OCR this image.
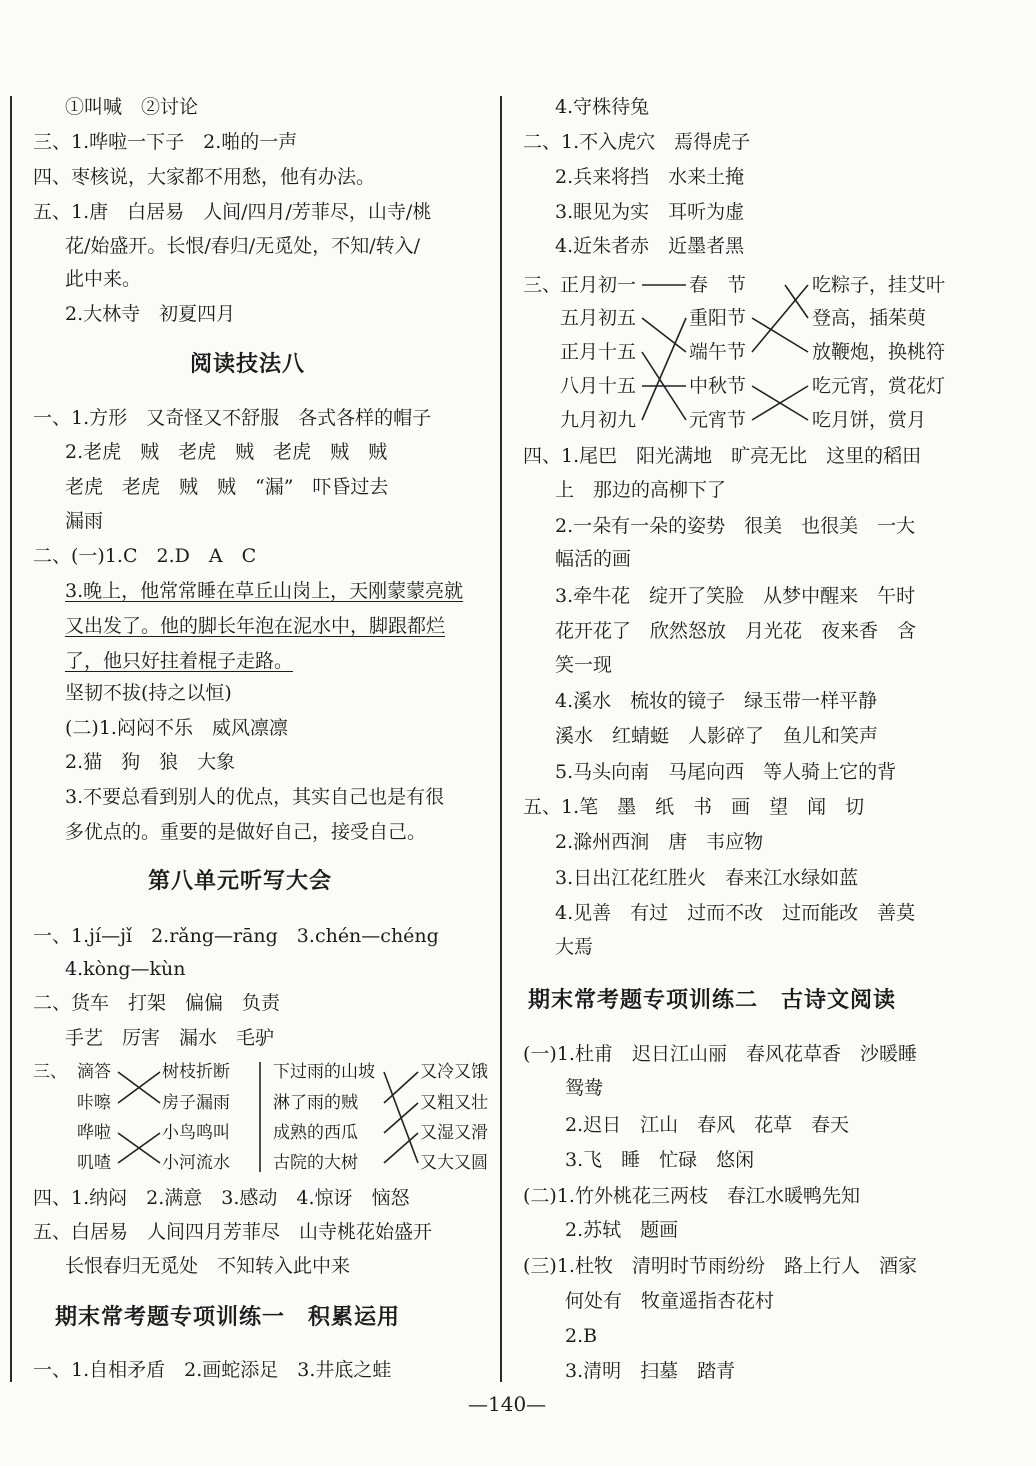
①叫喊　②讨论
三、1.哗啦一下子　2.啪的一声
四、枣核说，大家都不用愁，他有办法。
五、1.唐　白居易　人间/四月/芳菲尽，山寺/桃
花/始盛开。长恨/春归/无觅处，不知/转入/
此中来。
2.大林寺　初夏四月
阅读技法八
一、1.方形　又奇怪又不舒服　各式各样的帽子
2.老虎　贼　老虎　贼　老虎　贼　贼
老虎　老虎　贼　贼　“漏”　吓昏过去
漏雨
二、(一)1.C　2.D　A　C
3.晚上，他常常睡在草丘山岗上，天刚蒙蒙亮就
又出发了。他的脚长年泡在泥水中，脚跟都烂
了，他只好拄着棍子走路。
坚韧不拔(持之以恒)
(二)1.闷闷不乐　威风凛凛
2.猫　狗　狼　大象
3.不要总看到别人的优点，其实自己也是有很
多优点的。重要的是做好自己，接受自己。
第八单元听写大会
一、1.jí—jǐ　2.rǎng—rāng　3.chén—chéng
4.kòng—kùn
二、货车　打架　偏偏　负责
手艺　厉害　漏水　毛驴
三、 滴答
咔嚓
哗啦
叽喳
树枝折断
房子漏雨
小鸟鸣叫
小河流水
下过雨的山坡
淋了雨的贼
成熟的西瓜
古院的大树
又冷又饿
又粗又壮
又湿又滑
又大又圆
四、1.纳闷　2.满意　3.感动　4.惊讶　恼怒
五、白居易　人间四月芳菲尽　山寺桃花始盛开
长恨春归无觅处　不知转入此中来
期末常考题专项训练一　积累运用
一、1.自相矛盾　2.画蛇添足　3.井底之蛙
4.守株待兔
二、1.不入虎穴　焉得虎子
2.兵来将挡　水来土掩
3.眼见为实　耳听为虚
4.近朱者赤　近墨者黑
三、
正月初一
五月初五
正月十五
八月十五
九月初九
春　节
重阳节
端午节
中秋节
元宵节
吃粽子，挂艾叶
登高，插茱萸
放鞭炮，换桃符
吃元宵，赏花灯
吃月饼，赏月
四、1.尾巴　阳光满地　旷亮无比　这里的稻田
上　那边的高柳下了
2.一朵有一朵的姿势　很美　也很美　一大
幅活的画
3.牵牛花　绽开了笑脸　从梦中醒来　午时
花开花了　欣然怒放　月光花　夜来香　含
笑一现
4.溪水　梳妆的镜子　绿玉带一样平静
溪水　红蜻蜓　人影碎了　鱼儿和笑声
5.马头向南　马尾向西　等人骑上它的背
五、1.笔　墨　纸　书　画　望　闻　切
2.滁州西涧　唐　韦应物
3.日出江花红胜火　春来江水绿如蓝
4.见善　有过　过而不改　过而能改　善莫
大焉
期末常考题专项训练二　古诗文阅读
(一)1.杜甫　迟日江山丽　春风花草香　沙暖睡
鸳鸯
2.迟日　江山　春风　花草　春天
3.飞　睡　忙碌　悠闲
(二)1.竹外桃花三两枝　春江水暖鸭先知
2.苏轼　题画
(三)1.杜牧　清明时节雨纷纷　路上行人　酒家
何处有　牧童遥指杏花村
2.B
3.清明　扫墓　踏青
—140—
